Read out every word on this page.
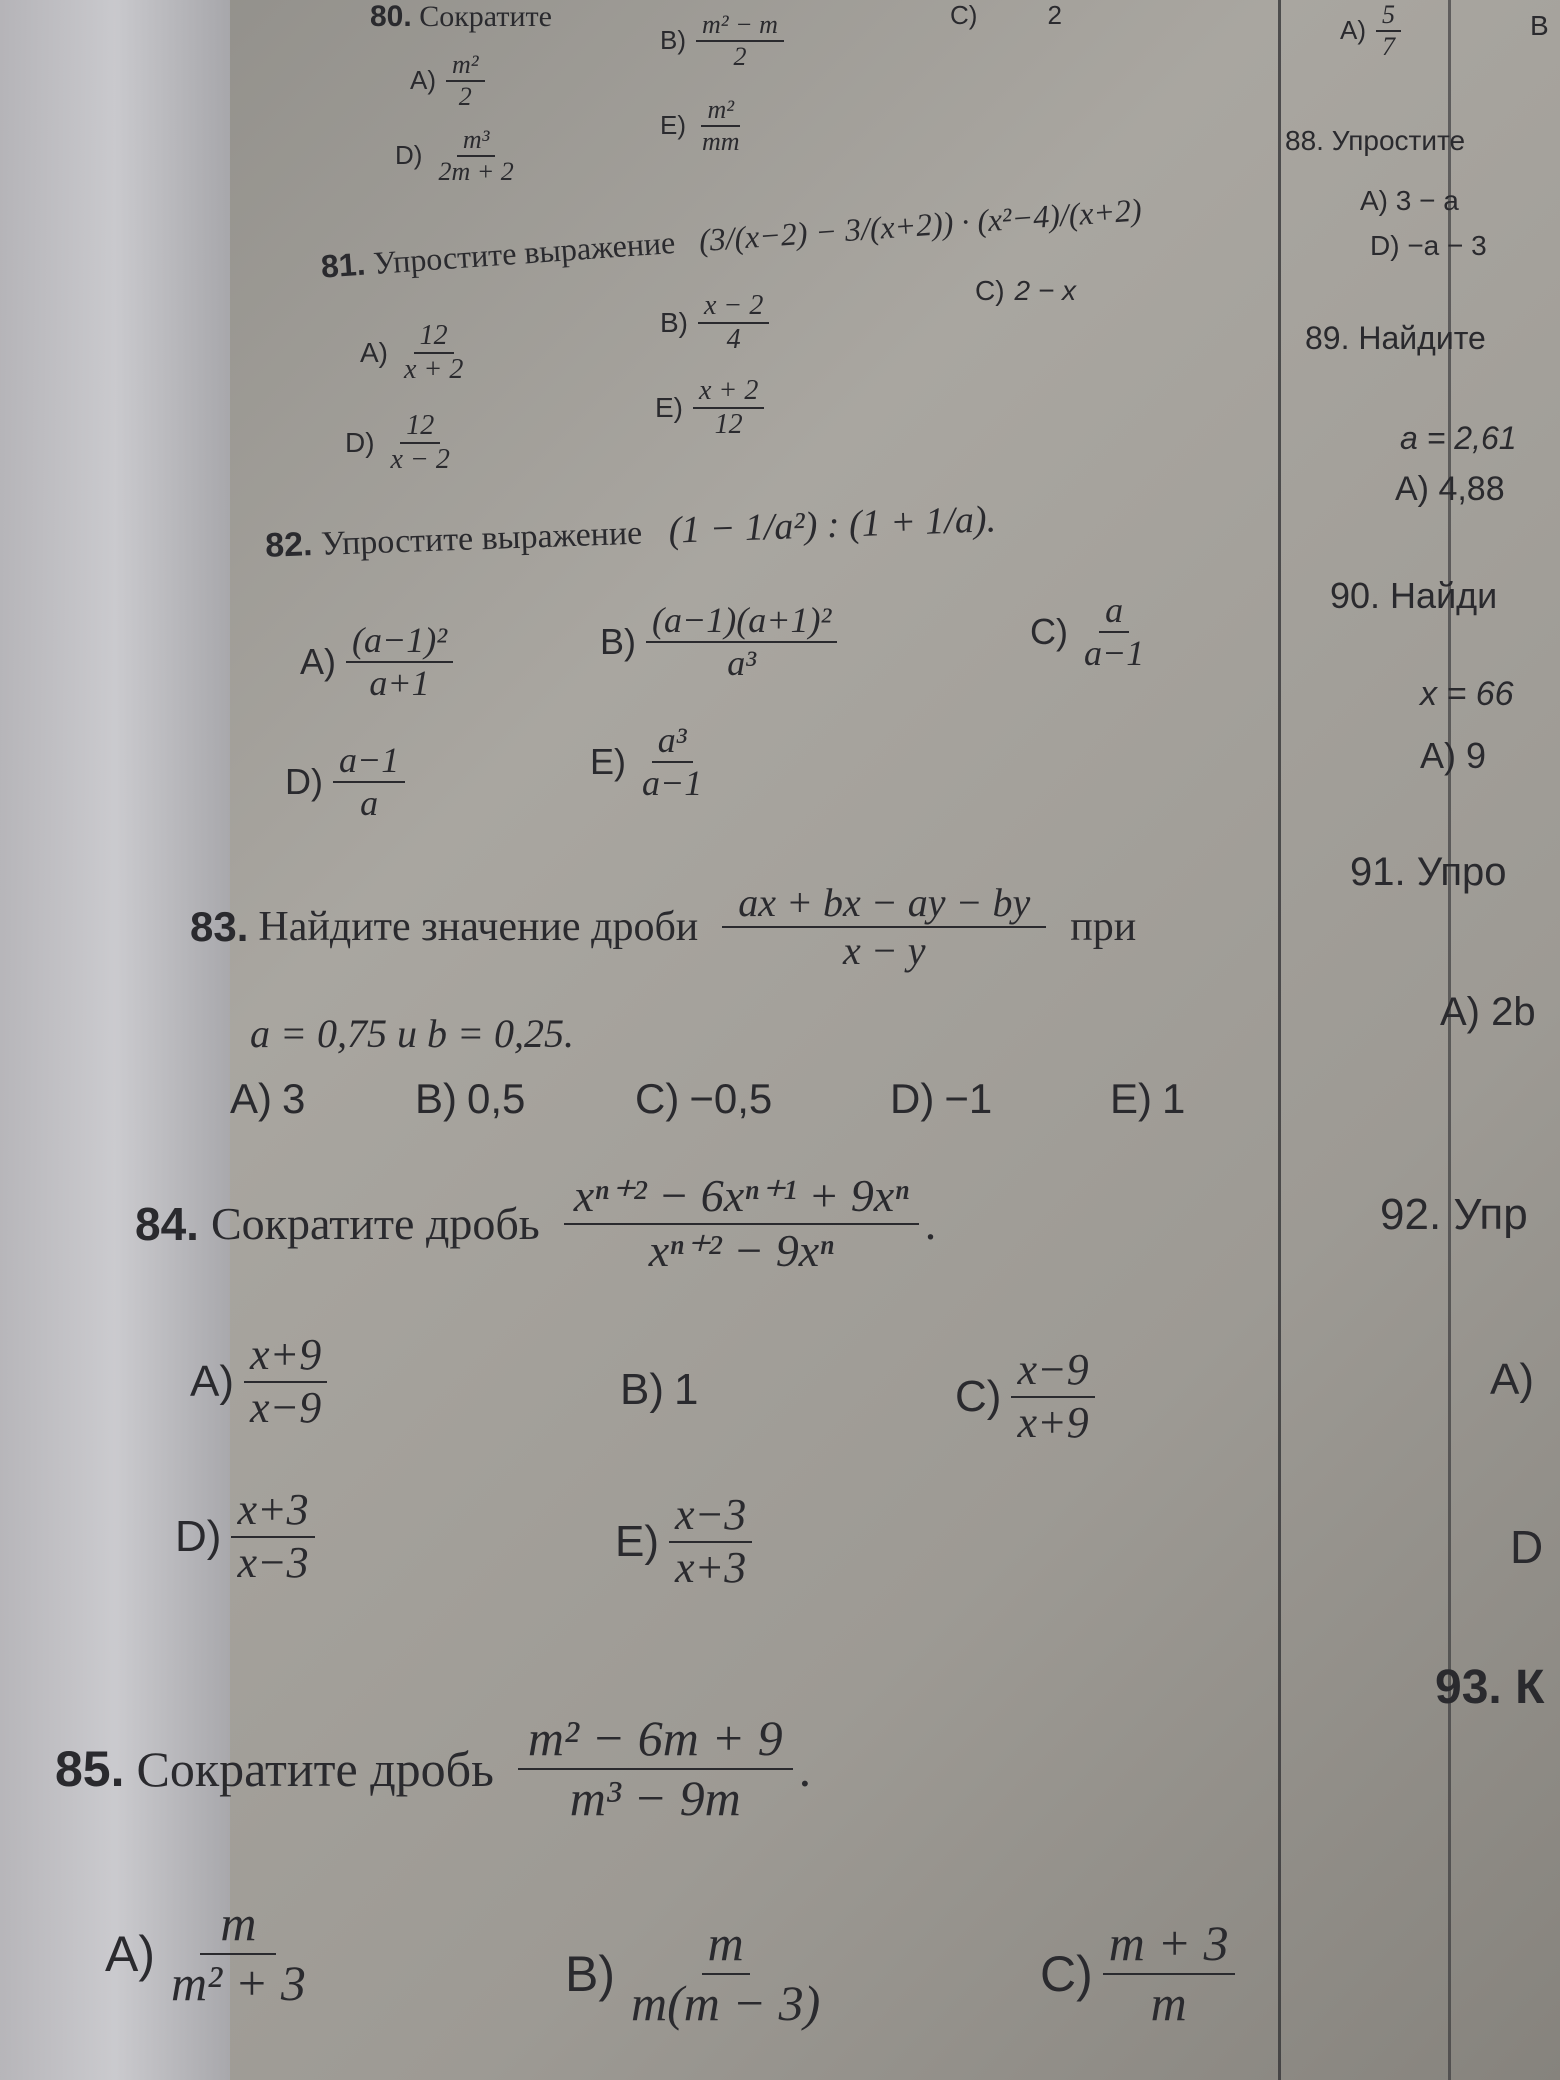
80. Сократите
$A) \frac{\text{m²}}{2}$
$B) \frac{\text{m² − m}}{2}$	C)	2
$D) \frac{\text{m³}}{2m + 2}$	$E) \frac{\text{m²}}{mm}$
81. Упростите выражение (3/(x−2) − 3/(x+2)) · (x²−4)/(x+2)
$A) \frac{12}{x + 2}$	$B) \frac{x - 2}{4}$	C) 2 − x
$D) \frac{12}{x - 2}$
$E) \frac{x + 2}{12}$
82. Упростите выражение (1 − 1/a²) : (1 + 1/a).
$A) \frac{\text{(a−1)²}}{a+1}$	$B) \frac{\text{(a−1)(a+1)²}}{\text{a³}}$	$C) \frac{a}{a-1}$
$D) \frac{a-1}{a}$	$E) \frac{\text{a³}}{a-1}$
83. Найдите значение дроби $\frac{ax + bx - ay - by}{x - y}$ при
a = 0,75 и b = 0,25.
A) 3	B) 0,5	C) −0,5	D) −1	E) 1
84. Сократите дробь $\frac{\text{xⁿ⁺² − 6xⁿ⁺¹ + 9xⁿ}}{\text{xⁿ⁺² − 9xⁿ}}$ .
$A) \frac{x+9}{x-9}$	B) 1	$C) \frac{x-9}{x+9}$
$D) \frac{x+3}{x-3}$	$E) \frac{x-3}{x+3}$
85. Сократите дробь $\frac{\text{m² − 6m + 9}}{\text{m³ − 9m}}$ .
$A) \frac{m}{\text{m² + 3}}$	$B) \frac{m}{m(m - 3)}$	$C) \frac{m + 3}{m}$
$A) \frac{5}{7}$	B
88. Упростите
A) 3 − a
D) −a − 3
89. Найдите
a = 2,61
A) 4,88
90. Найди
x = 66
A) 9
91. Упро
A) 2b
92. Упр
A)
D
93. К
